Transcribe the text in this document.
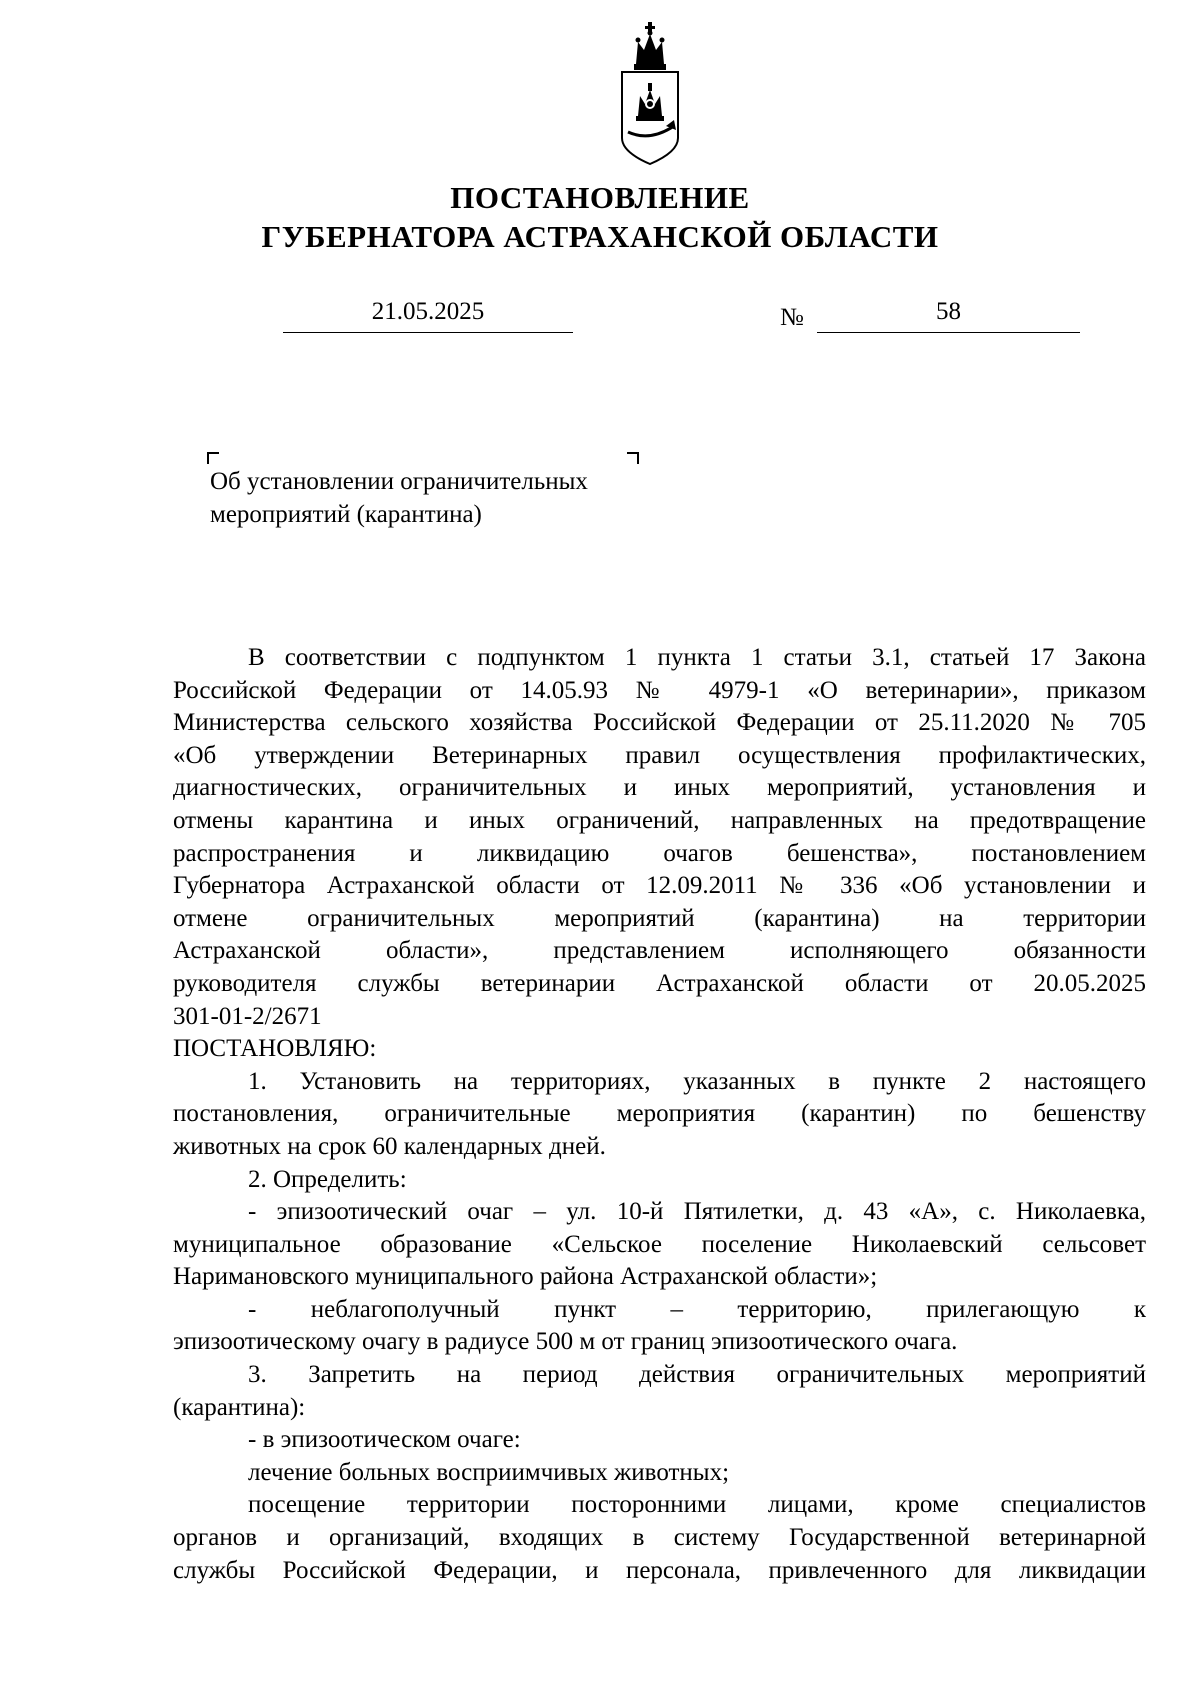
ПОСТАНОВЛЕНИЕ
ГУБЕРНАТОРА АСТРАХАНСКОЙ ОБЛАСТИ
21.05.2025	№	58
Об установлении ограничительных
мероприятий (карантина)
В соответствии с подпунктом 1 пункта 1 статьи 3.1, статьей 17 Закона
Российской Федерации от 14.05.93 № 4979-1 «О ветеринарии», приказом
Министерства сельского хозяйства Российской Федерации от 25.11.2020 № 705
«Об утверждении Ветеринарных правил осуществления профилактических,
диагностических, ограничительных и иных мероприятий, установления и
отмены карантина и иных ограничений, направленных на предотвращение
распространения и ликвидацию очагов бешенства», постановлением
Губернатора Астраханской области от 12.09.2011 № 336 «Об установлении и
отмене ограничительных мероприятий (карантина) на территории
Астраханской области», представлением исполняющего обязанности
руководителя службы ветеринарии Астраханской области от 20.05.2025
301-01-2/2671
ПОСТАНОВЛЯЮ:
1. Установить на территориях, указанных в пункте 2 настоящего
постановления, ограничительные мероприятия (карантин) по бешенству
животных на срок 60 календарных дней.
2. Определить:
- эпизоотический очаг – ул. 10-й Пятилетки, д. 43 «А», с. Николаевка,
муниципальное образование «Сельское поселение Николаевский сельсовет
Наримановского муниципального района Астраханской области»;
- неблагополучный пункт – территорию, прилегающую к
эпизоотическому очагу в радиусе 500 м от границ эпизоотического очага.
3. Запретить на период действия ограничительных мероприятий
(карантина):
- в эпизоотическом очаге:
лечение больных восприимчивых животных;
посещение территории посторонними лицами, кроме специалистов
органов и организаций, входящих в систему Государственной ветеринарной
службы Российской Федерации, и персонала, привлеченного для ликвидации
